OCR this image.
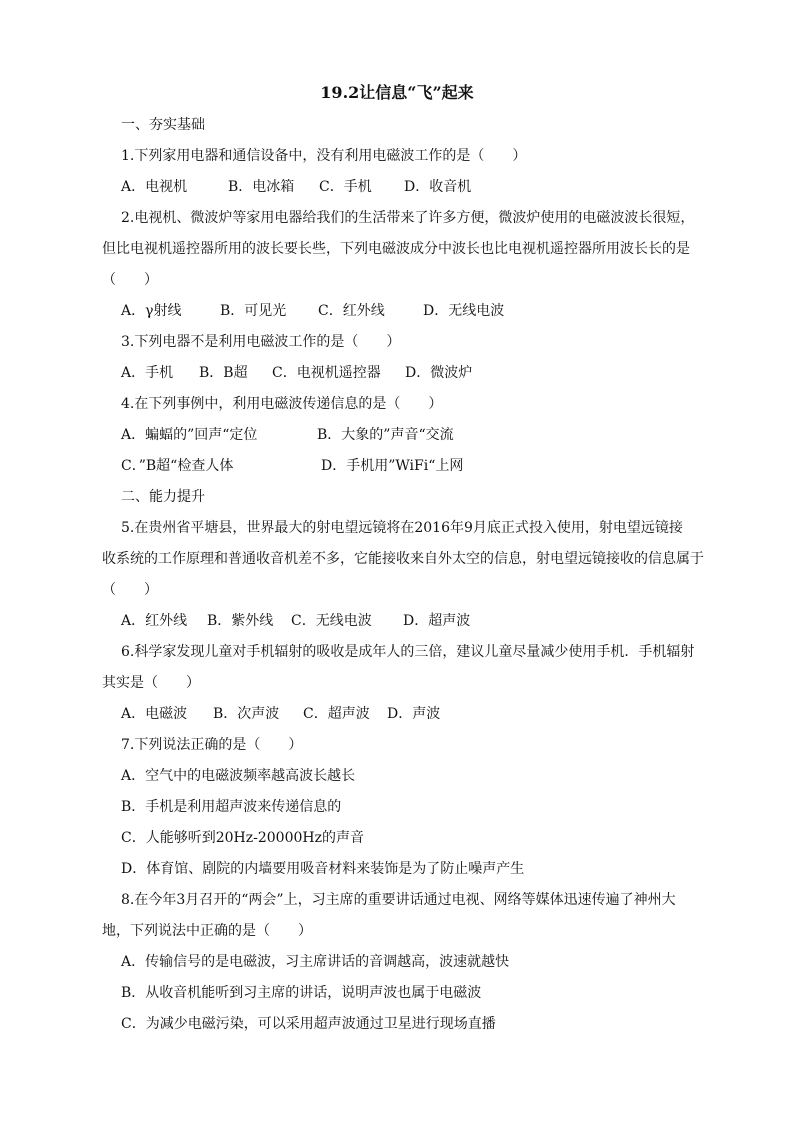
19.2让信息“飞”起来
一、夯实基础
1.下列家用电器和通信设备中，没有利用电磁波工作的是（　　）
A．电视机	B．电冰箱 C．手机 D．收音机
2.电视机、微波炉等家用电器给我们的生活带来了许多方便，微波炉使用的电磁波波长很短，
但比电视机遥控器所用的波长要长些，下列电磁波成分中波长也比电视机遥控器所用波长长的是
（　　）
A．γ射线	B．可见光 C．红外线	D．无线电波
3.下列电器不是利用电磁波工作的是（　　）
A．手机 B．B超 C．电视机遥控器 D．微波炉
4.在下列事例中，利用电磁波传递信息的是（　　）
A．蝙蝠的”回声“定位	B．大象的”声音“交流
C．”B超“检查人体	D．手机用”WiFi“上网
二、能力提升
5.在贵州省平塘县，世界最大的射电望远镜将在2016年9月底正式投入使用，射电望远镜接
收系统的工作原理和普通收音机差不多，它能接收来自外太空的信息，射电望远镜接收的信息属于
（　　）
A．红外线 B．紫外线 C．无线电波 D．超声波
6.科学家发现儿童对手机辐射的吸收是成年人的三倍，建议儿童尽量减少使用手机．手机辐射
其实是（　　）
A．电磁波 B．次声波 C．超声波 D．声波
7.下列说法正确的是（　　）
A．空气中的电磁波频率越高波长越长
B．手机是利用超声波来传递信息的
C．人能够听到20Hz-20000Hz的声音
D．体育馆、剧院的内墙要用吸音材料来装饰是为了防止噪声产生
8.在今年3月召开的“两会”上，习主席的重要讲话通过电视、网络等媒体迅速传遍了神州大
地，下列说法中正确的是（　　）
A．传输信号的是电磁波，习主席讲话的音调越高，波速就越快
B．从收音机能听到习主席的讲话，说明声波也属于电磁波
C．为减少电磁污染，可以采用超声波通过卫星进行现场直播
